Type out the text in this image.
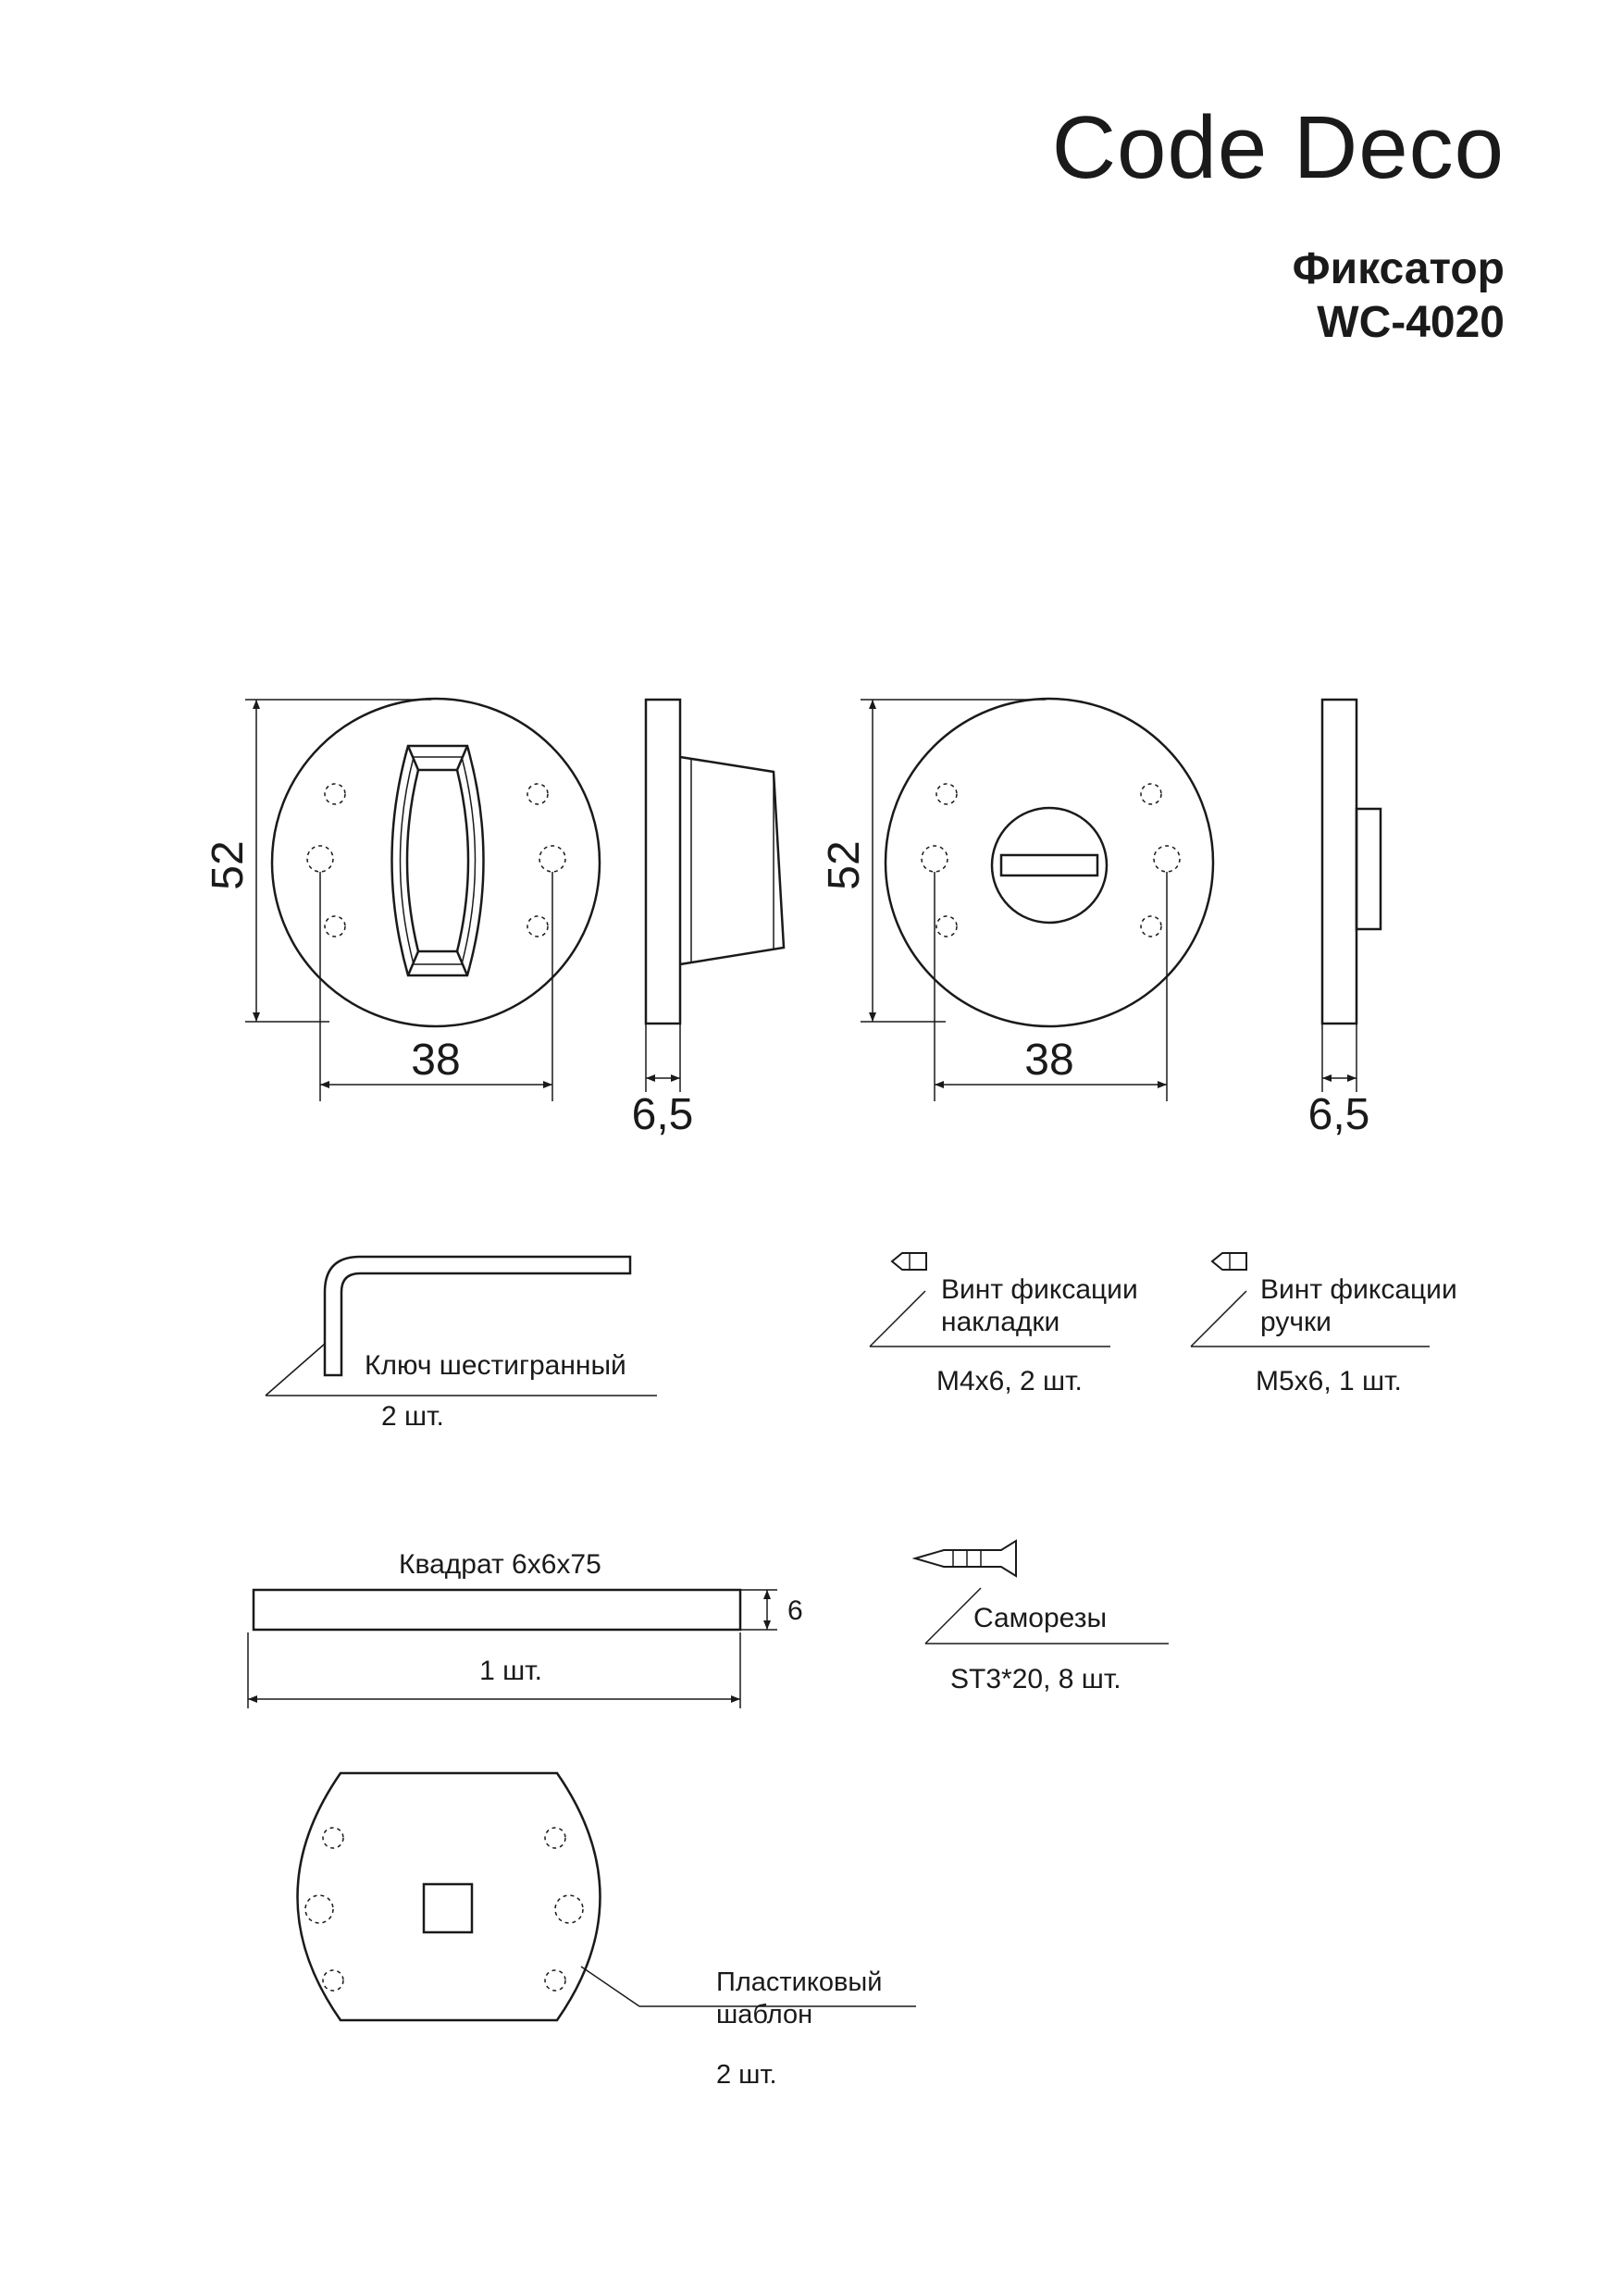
Code Deco
Фиксатор
WC-4020
52
38
6,5
52
38
6,5
Ключ шестигранный
2 шт.
Винт фиксации
накладки
M4x6, 2 шт.
Винт фиксации
ручки
M5x6, 1 шт.
Квадрат 6x6x75
6
1 шт.
Саморезы
ST3*20, 8 шт.
Пластиковый
шаблон
2 шт.
